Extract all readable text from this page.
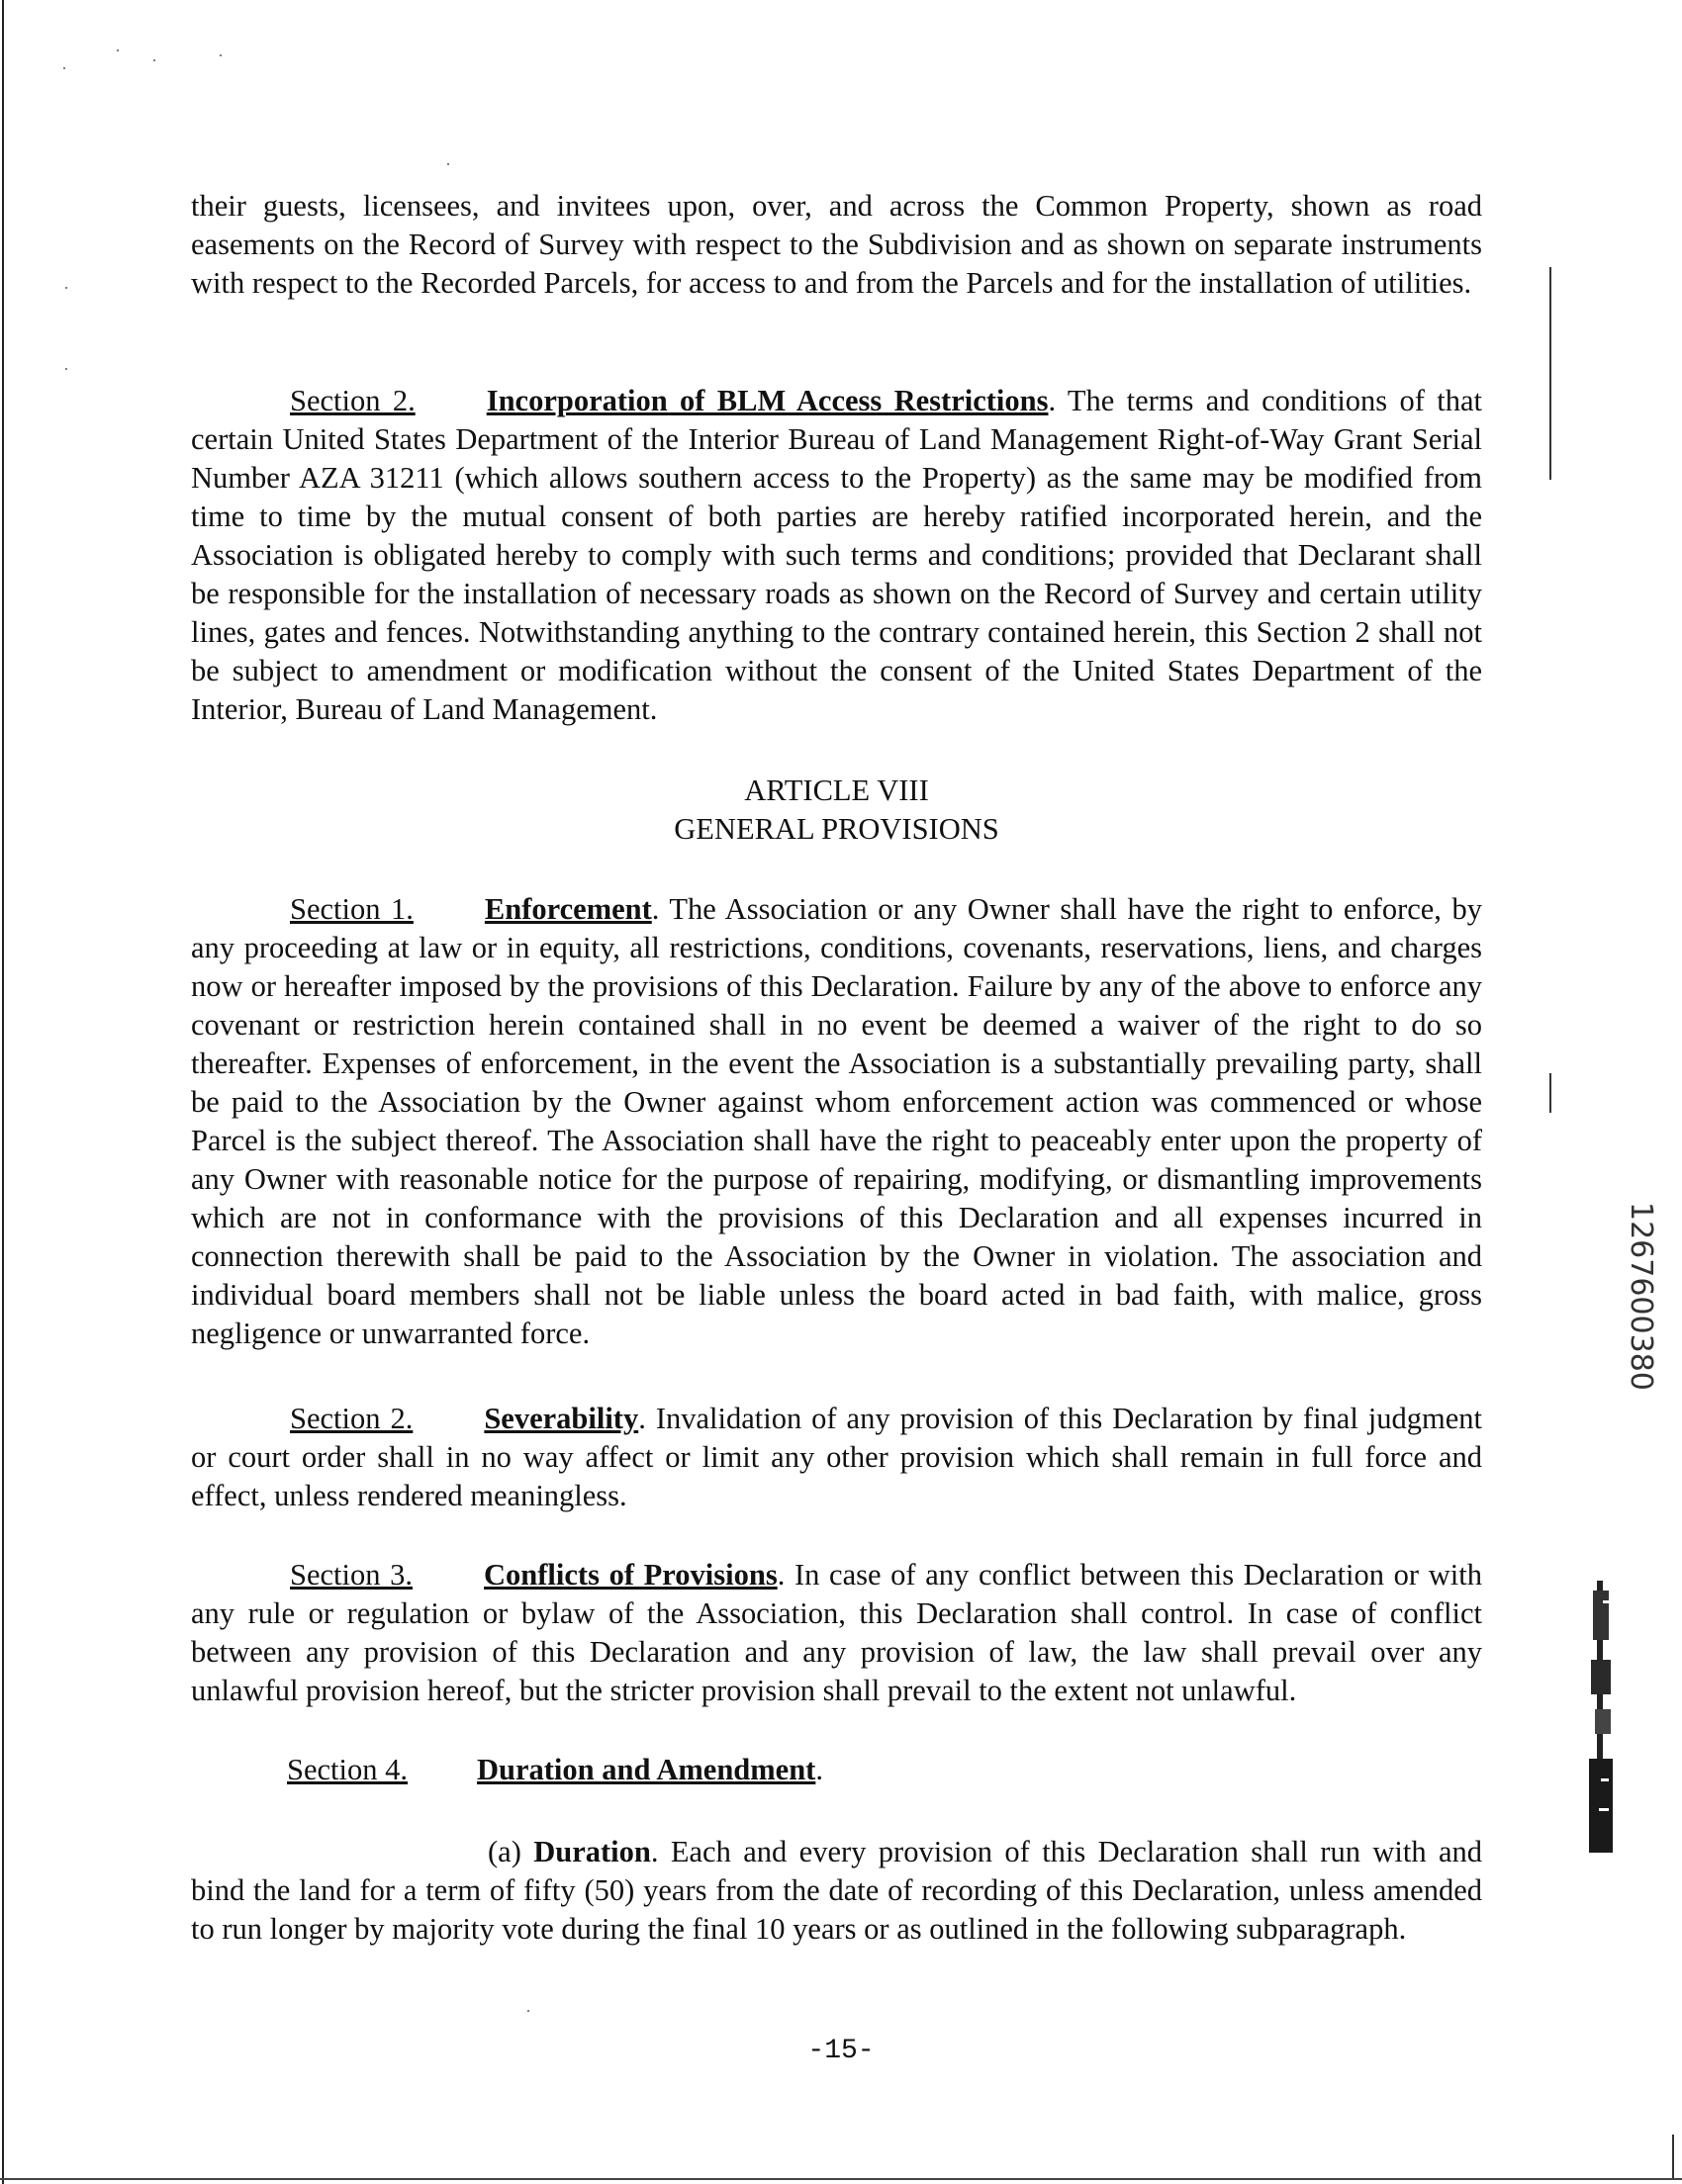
their guests, licensees, and invitees upon, over, and across the Common Property, shown as road easements on the Record of Survey with respect to the Subdivision and as shown on separate instruments with respect to the Recorded Parcels, for access to and from the Parcels and for the installation of utilities.

Section 2. Incorporation of BLM Access Restrictions. The terms and conditions of that certain United States Department of the Interior Bureau of Land Management Right-of-Way Grant Serial Number AZA 31211 (which allows southern access to the Property) as the same may be modified from time to time by the mutual consent of both parties are hereby ratified incorporated herein, and the Association is obligated hereby to comply with such terms and conditions; provided that Declarant shall be responsible for the installation of necessary roads as shown on the Record of Survey and certain utility lines, gates and fences. Notwithstanding anything to the contrary contained herein, this Section 2 shall not be subject to amendment or modification without the consent of the United States Department of the Interior, Bureau of Land Management.

ARTICLE VIII
GENERAL PROVISIONS

Section 1. Enforcement. The Association or any Owner shall have the right to enforce, by any proceeding at law or in equity, all restrictions, conditions, covenants, reservations, liens, and charges now or hereafter imposed by the provisions of this Declaration. Failure by any of the above to enforce any covenant or restriction herein contained shall in no event be deemed a waiver of the right to do so thereafter. Expenses of enforcement, in the event the Association is a substantially prevailing party, shall be paid to the Association by the Owner against whom enforcement action was commenced or whose Parcel is the subject thereof. The Association shall have the right to peaceably enter upon the property of any Owner with reasonable notice for the purpose of repairing, modifying, or dismantling improvements which are not in conformance with the provisions of this Declaration and all expenses incurred in connection therewith shall be paid to the Association by the Owner in violation. The association and individual board members shall not be liable unless the board acted in bad faith, with malice, gross negligence or unwarranted force.

Section 2. Severability. Invalidation of any provision of this Declaration by final judgment or court order shall in no way affect or limit any other provision which shall remain in full force and effect, unless rendered meaningless.

Section 3. Conflicts of Provisions. In case of any conflict between this Declaration or with any rule or regulation or bylaw of the Association, this Declaration shall control. In case of conflict between any provision of this Declaration and any provision of law, the law shall prevail over any unlawful provision hereof, but the stricter provision shall prevail to the extent not unlawful.

Section 4. Duration and Amendment.

(a) Duration. Each and every provision of this Declaration shall run with and bind the land for a term of fifty (50) years from the date of recording of this Declaration, unless amended to run longer by majority vote during the final 10 years or as outlined in the following subparagraph.

-15-
1267600380
